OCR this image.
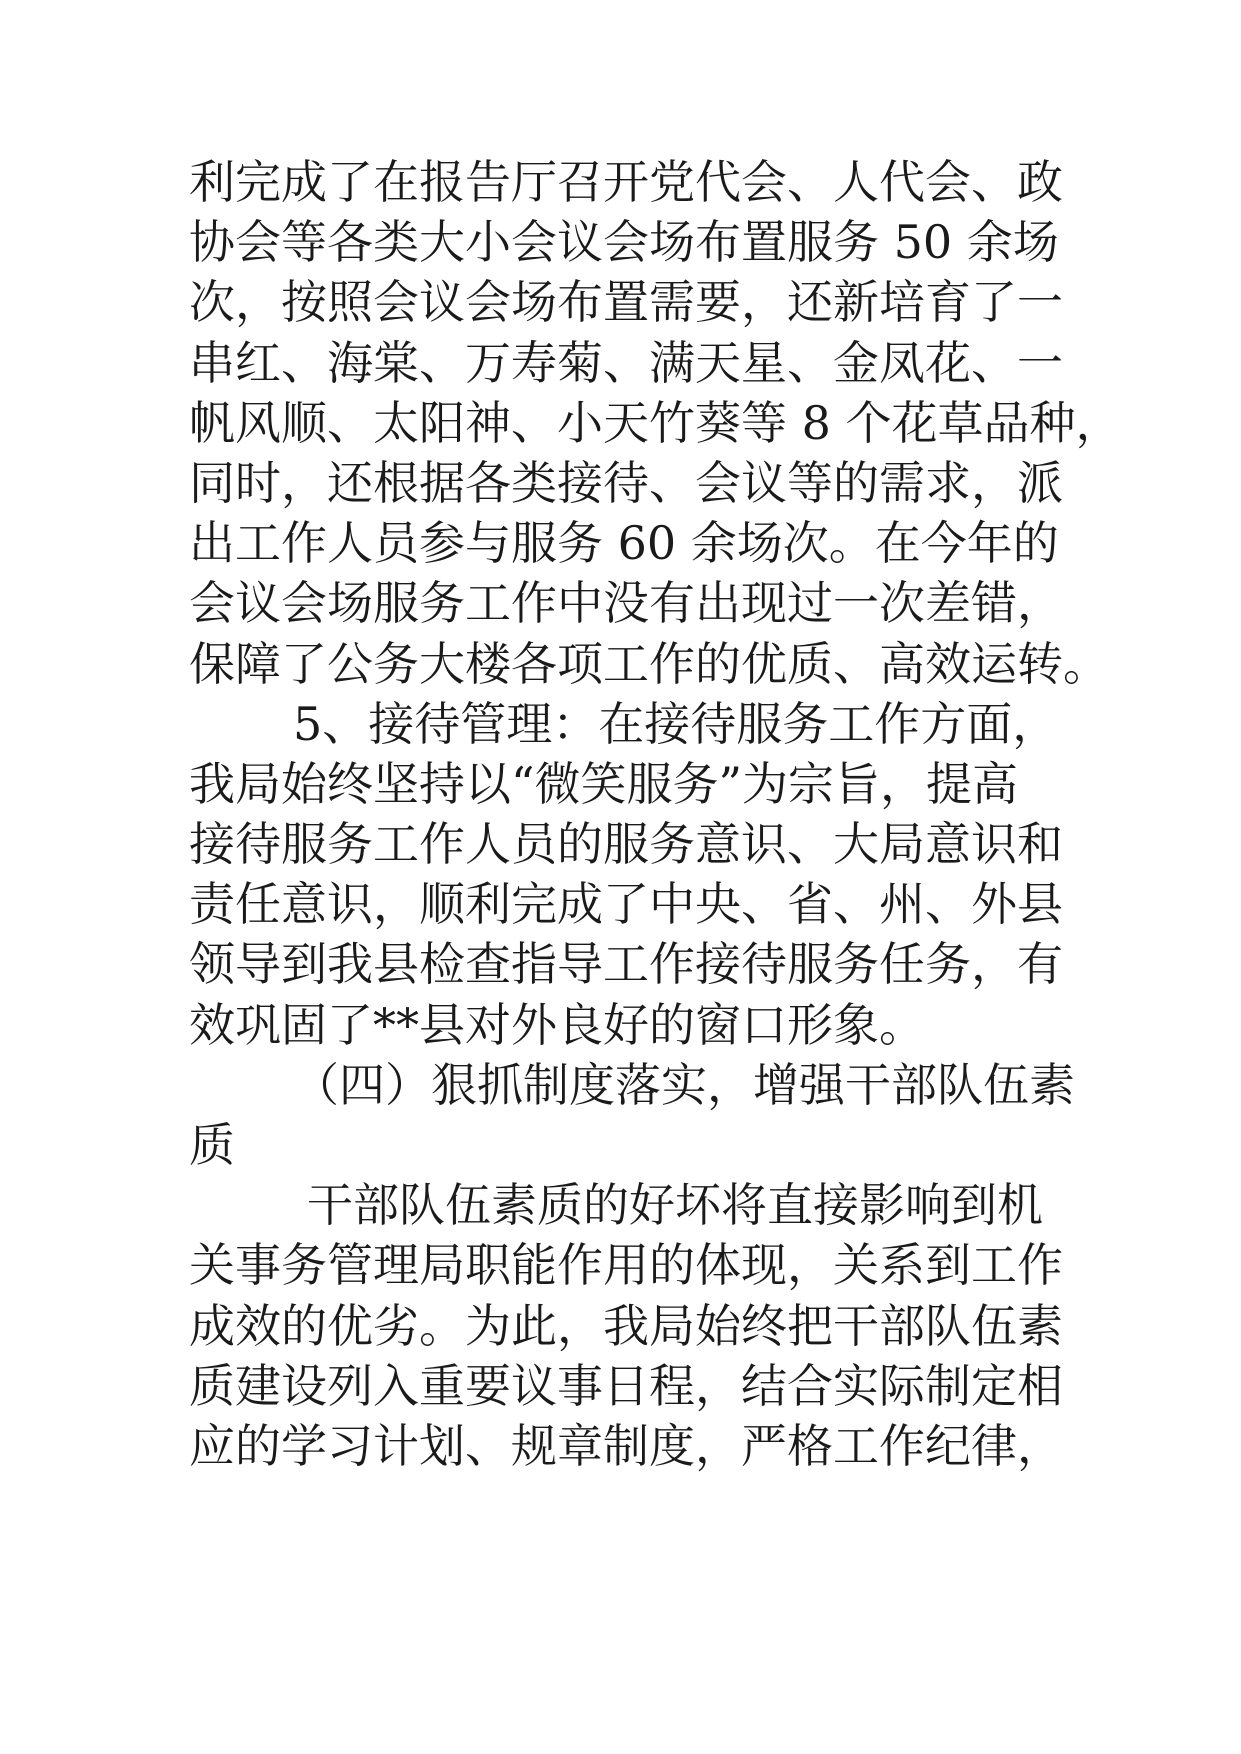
利完成了在报告厅召开党代会、人代会、政
协会等各类大小会议会场布置服务 50 余场
次，按照会议会场布置需要，还新培育了一
串红、海棠、万寿菊、满天星、金凤花、一
帆风顺、太阳神、小天竹葵等 8 个花草品种，
同时，还根据各类接待、会议等的需求，派
出工作人员参与服务 60 余场次。在今年的
会议会场服务工作中没有出现过一次差错，
保障了公务大楼各项工作的优质、高效运转。
5、接待管理：在接待服务工作方面，
我局始终坚持以“微笑服务”为宗旨，提高
接待服务工作人员的服务意识、大局意识和
责任意识，顺利完成了中央、省、州、外县
领导到我县检查指导工作接待服务任务，有
效巩固了**县对外良好的窗口形象。
（四）狠抓制度落实，增强干部队伍素
质
干部队伍素质的好坏将直接影响到机
关事务管理局职能作用的体现，关系到工作
成效的优劣。为此，我局始终把干部队伍素
质建设列入重要议事日程，结合实际制定相
应的学习计划、规章制度，严格工作纪律，
